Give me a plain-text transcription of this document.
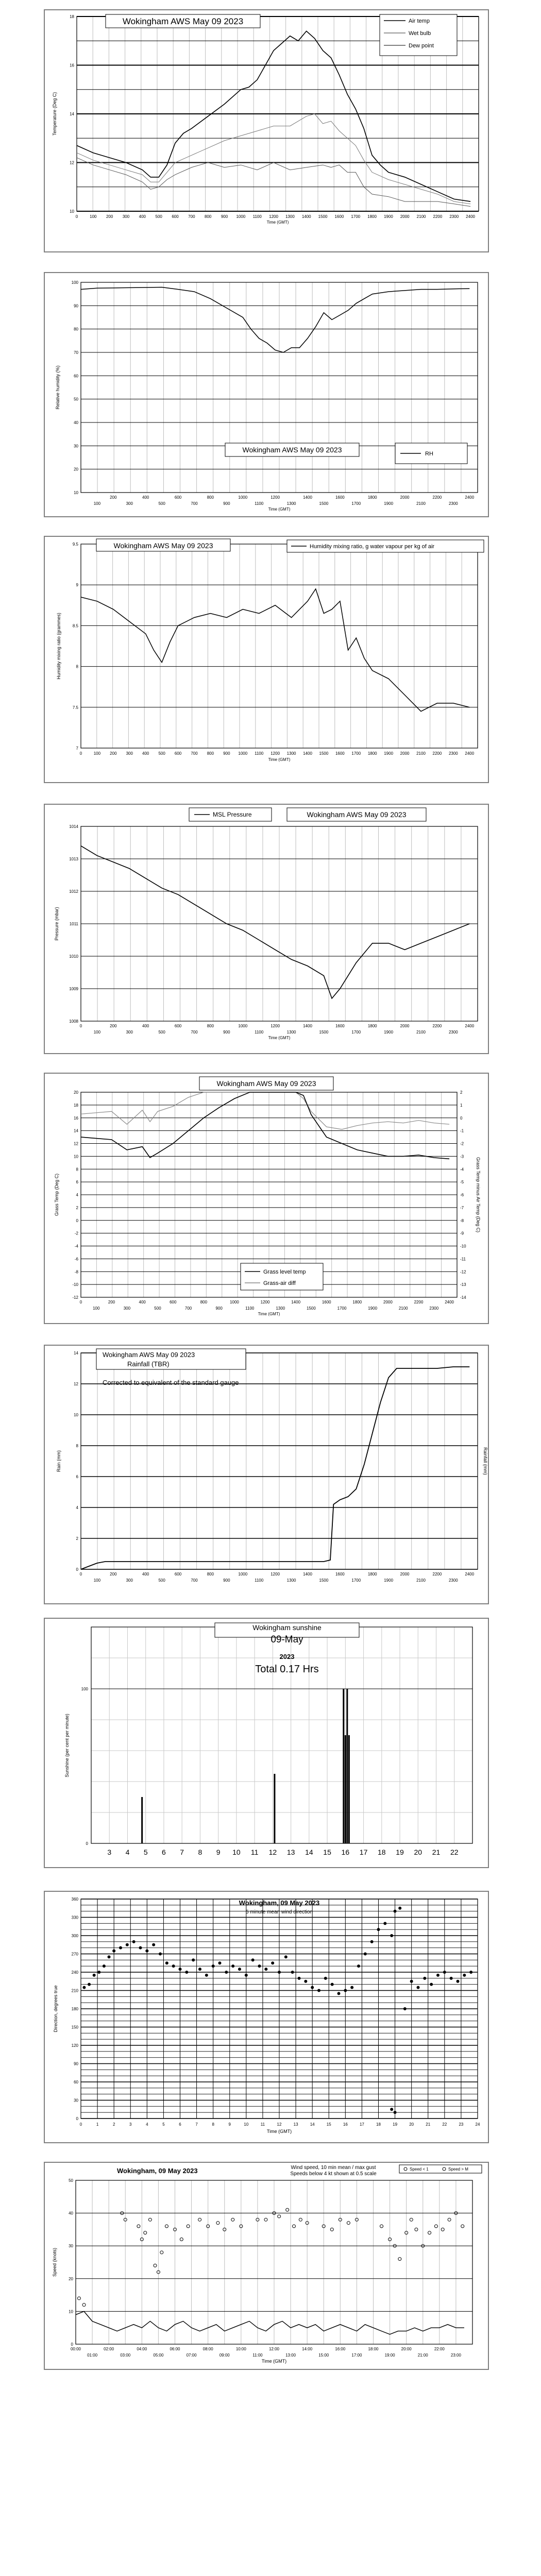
10
12
14
16
18
0	100 200 300 400 500 600 700 800 900 1000 1100 1200 1300 1400 1500 1600 1700 1800 1900 2000 2100 2200 2300 2400
Time (GMT)
Temperature (Deg C)
Wokingham AWS May 09 2023	Air temp
Wet bulb
Dew point
10
20
30
40
50
60
70
80
90
100
200	400	600	800	1000	1200	1400	1600	1800	2000	2200	2400
100	300	500	700	900	1100	1300	1500	1700	1900	2100	2300
Time (GMT)
Relative humidity (%)
Wokingham AWS May 09 2023	RH
7
7.5
8
8.5
9
9.5
0	100 200 300 400 500 600 700 800 900 1000 1100 1200 1300 1400 1500 1600 1700 1800 1900 2000 2100 2200 2300 2400
Time (GMT)
Humidity mixing ratio (grammes)
Wokingham AWS May 09 2023	Humidity mixing ratio, g water vapour per kg of air
1008
1009
1010
1011
1012
1013
1014
0	200	400	600	800	1000	1200	1400	1600	1800	2000	2200	2400
100	300	500	700	900	1100	1300	1500	1700	1900	2100	2300
Time (GMT)
Pressure (mbar)
MSL Pressure	Wokingham AWS May 09 2023
-12
-10
-8
-6
-4
-2
0
2
4
6
8
10
12
14
16
18
20
-14
-13
-12
-11
-10
-9
-8
-7
-6
-5
-4
-3
-2
-1
0
1
2
0	200	400	600	800	1000	1200	1400	1600	1800	2000	2200	2400
100	300	500	700	900	1100	1300	1500	1700	1900	2100	2300
Time (GMT)
Grass Temp (Deg C)	Grass Temp minus Air Temp (Deg C)
Wokingham AWS May 09 2023
Grass level temp
Grass-air diff
0
2
4
6
8
10
12
14
0	200	400	600	800	1000	1200	1400	1600	1800	2000	2200	2400
100	300	500	700	900	1100	1300	1500	1700	1900	2100	2300
Rain (mm)	Rainfall (mm)
Wokingham AWS May 09 2023
Rainfall (TBR)
Corrected to equivalent of the standard gauge
0
100
3 4 5 6 7 8 9 10 11 12 13 14 15 16 17 18 19 20 21 22
Sunshine (per cent per minute)
Wokingham sunshine
09-May
2023
Total 0.17 Hrs
0
30
60
90
120
150
180
210
240
270
300
330
360
0	1	2	3	4	5	6	7	8	9	10	11	12	13	14	15	16	17	18	19	20	21	22	23	24
Time (GMT)
Direction, degrees true
Wokingham, 09 May 2023
5 minute mean wind direction
0
10
20
30
40
50
00:00	02:00	04:00	06:00	08:00	10:00	12:00	14:00	16:00	18:00	20:00	22:00
01:00	03:00	05:00	07:00	09:00	11:00	13:00	15:00	17:00	19:00	21:00	23:00
Time (GMT)
Speed (knots)
Wokingham, 09 May 2023	Wind speed, 10 min mean / max gust
Speeds below 4 kt shown at 0.5 scale
Speed < 1	Speed > M
